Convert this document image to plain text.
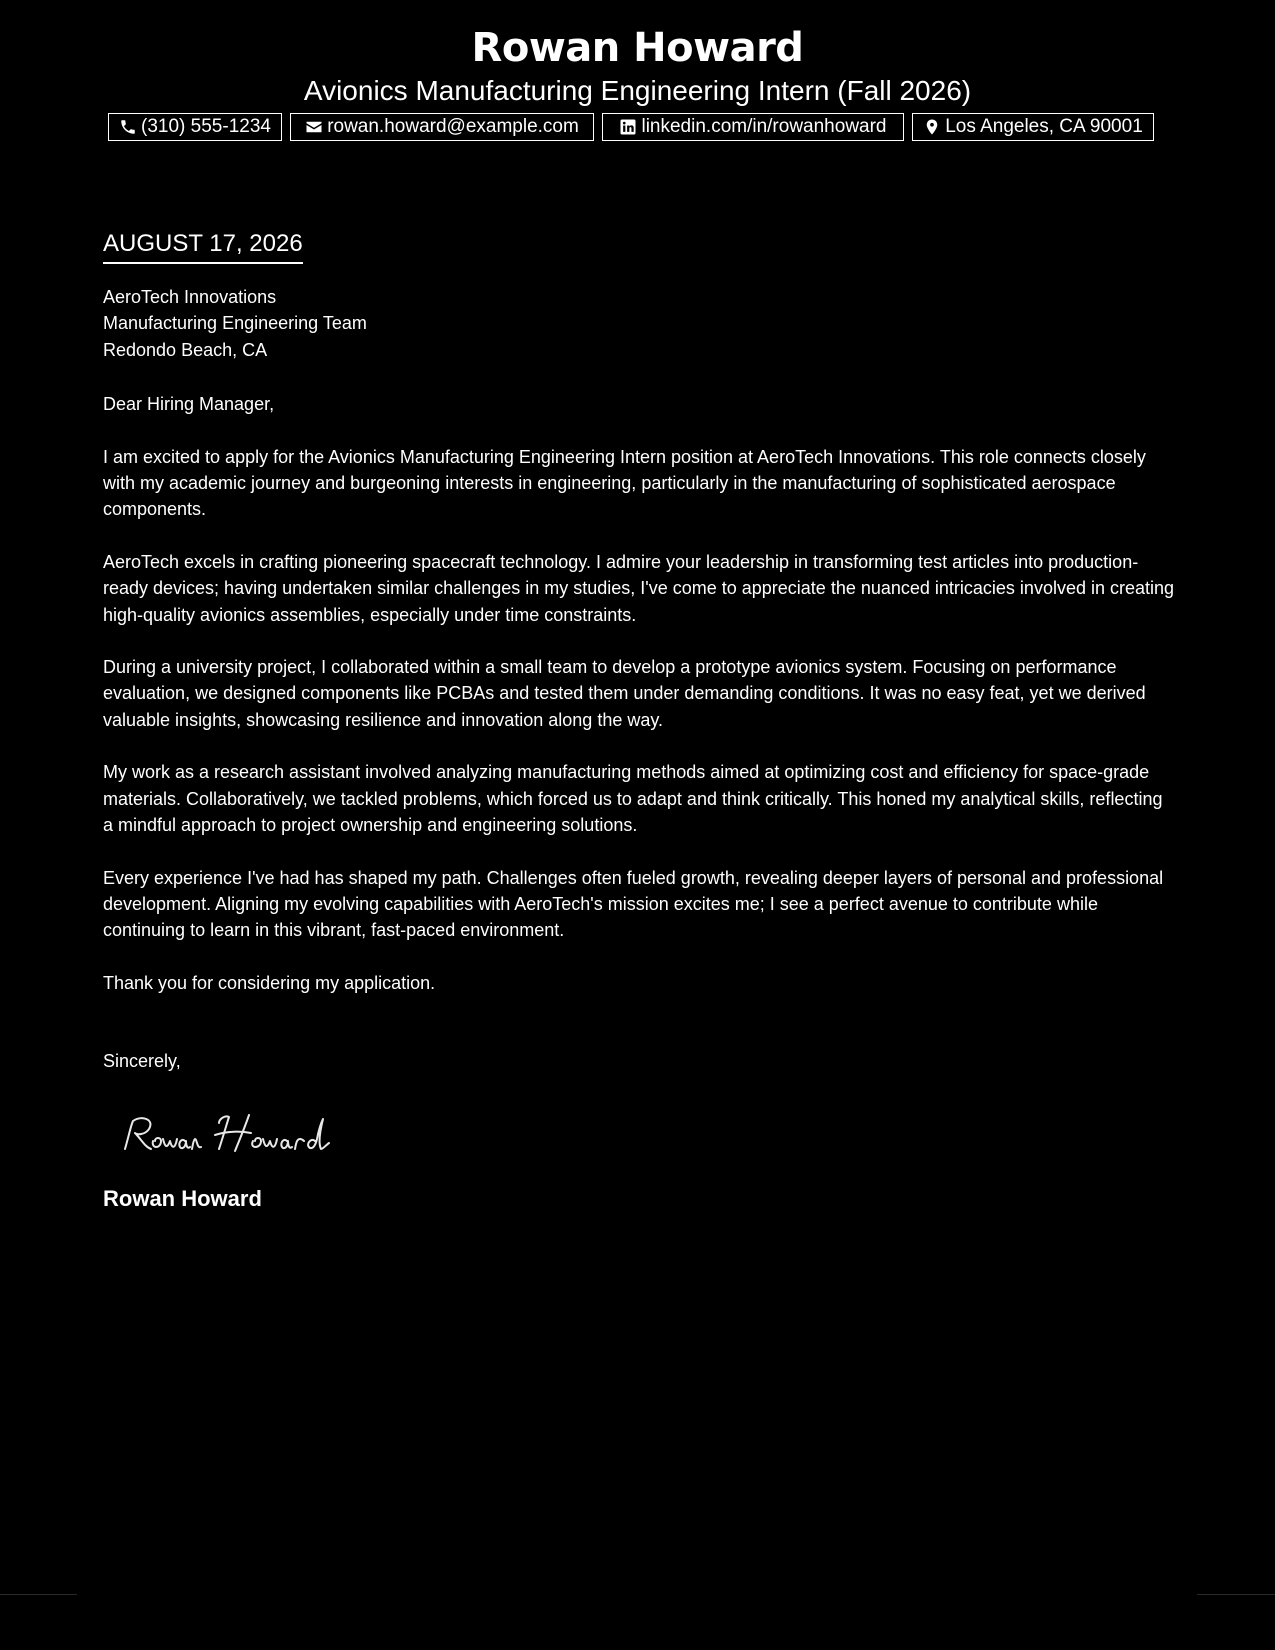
Rowan Howard
Avionics Manufacturing Engineering Intern (Fall 2026)
(310) 555-1234	rowan.howard@example.com	linkedin.com/in/rowanhoward	Los Angeles, CA 90001
AUGUST 17, 2026
AeroTech Innovations
Manufacturing Engineering Team
Redondo Beach, CA
Dear Hiring Manager,
I am excited to apply for the Avionics Manufacturing Engineering Intern position at AeroTech Innovations. This role connects closely with my academic journey and burgeoning interests in engineering, particularly in the manufacturing of sophisticated aerospace components.
AeroTech excels in crafting pioneering spacecraft technology. I admire your leadership in transforming test articles into production-ready devices; having undertaken similar challenges in my studies, I've come to appreciate the nuanced intricacies involved in creating high-quality avionics assemblies, especially under time constraints.
During a university project, I collaborated within a small team to develop a prototype avionics system. Focusing on performance evaluation, we designed components like PCBAs and tested them under demanding conditions. It was no easy feat, yet we derived valuable insights, showcasing resilience and innovation along the way.
My work as a research assistant involved analyzing manufacturing methods aimed at optimizing cost and efficiency for space-grade materials. Collaboratively, we tackled problems, which forced us to adapt and think critically. This honed my analytical skills, reflecting a mindful approach to project ownership and engineering solutions.
Every experience I've had has shaped my path. Challenges often fueled growth, revealing deeper layers of personal and professional development. Aligning my evolving capabilities with AeroTech's mission excites me; I see a perfect avenue to contribute while continuing to learn in this vibrant, fast-paced environment.
Thank you for considering my application.
Sincerely,
Rowan Howard
